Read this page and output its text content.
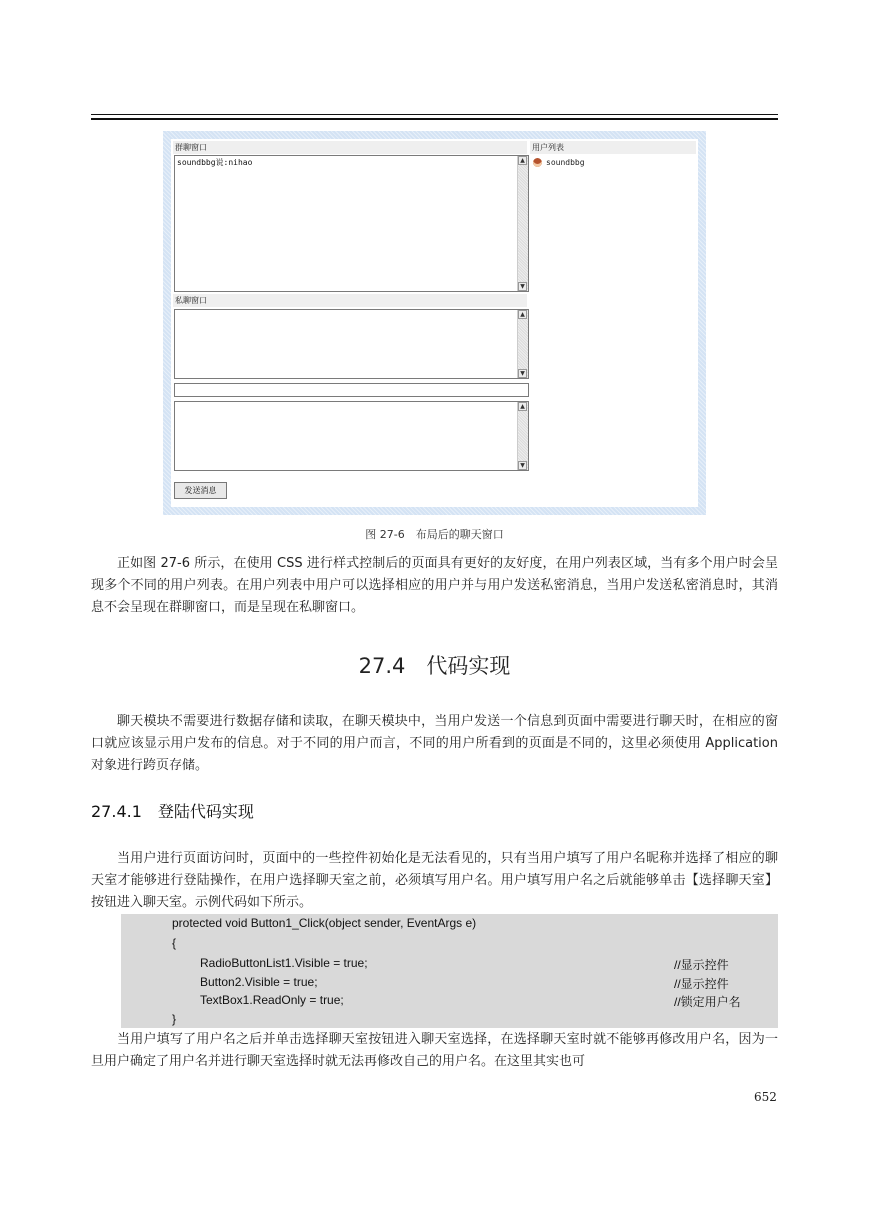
群聊窗口
soundbbg说:nihao	▲
▼
用户列表
soundbbg
私聊窗口
▲
▼
▲
▼
发送消息
图 27-6　布局后的聊天窗口

正如图 27-6 所示，在使用 CSS 进行样式控制后的页面具有更好的友好度，在用户列表区域，当有多个用户时会呈现多个不同的用户列表。在用户列表中用户可以选择相应的用户并与用户发送私密消息，当用户发送私密消息时，其消息不会呈现在群聊窗口，而是呈现在私聊窗口。

27.4　代码实现

聊天模块不需要进行数据存储和读取，在聊天模块中，当用户发送一个信息到页面中需要进行聊天时，在相应的窗口就应该显示用户发布的信息。对于不同的用户而言，不同的用户所看到的页面是不同的，这里必须使用 Application 对象进行跨页存储。

27.4.1　登陆代码实现

当用户进行页面访问时，页面中的一些控件初始化是无法看见的，只有当用户填写了用户名昵称并选择了相应的聊天室才能够进行登陆操作，在用户选择聊天室之前，必须填写用户名。用户填写用户名之后就能够单击【选择聊天室】按钮进入聊天室。示例代码如下所示。

protected void Button1_Click(object sender, EventArgs e)
{
RadioButtonList1.Visible = true;	//显示控件
Button2.Visible = true;	//显示控件
TextBox1.ReadOnly = true;	//锁定用户名
}

当用户填写了用户名之后并单击选择聊天室按钮进入聊天室选择，在选择聊天室时就不能够再修改用户名，因为一旦用户确定了用户名并进行聊天室选择时就无法再修改自己的用户名。在这里其实也可

652
